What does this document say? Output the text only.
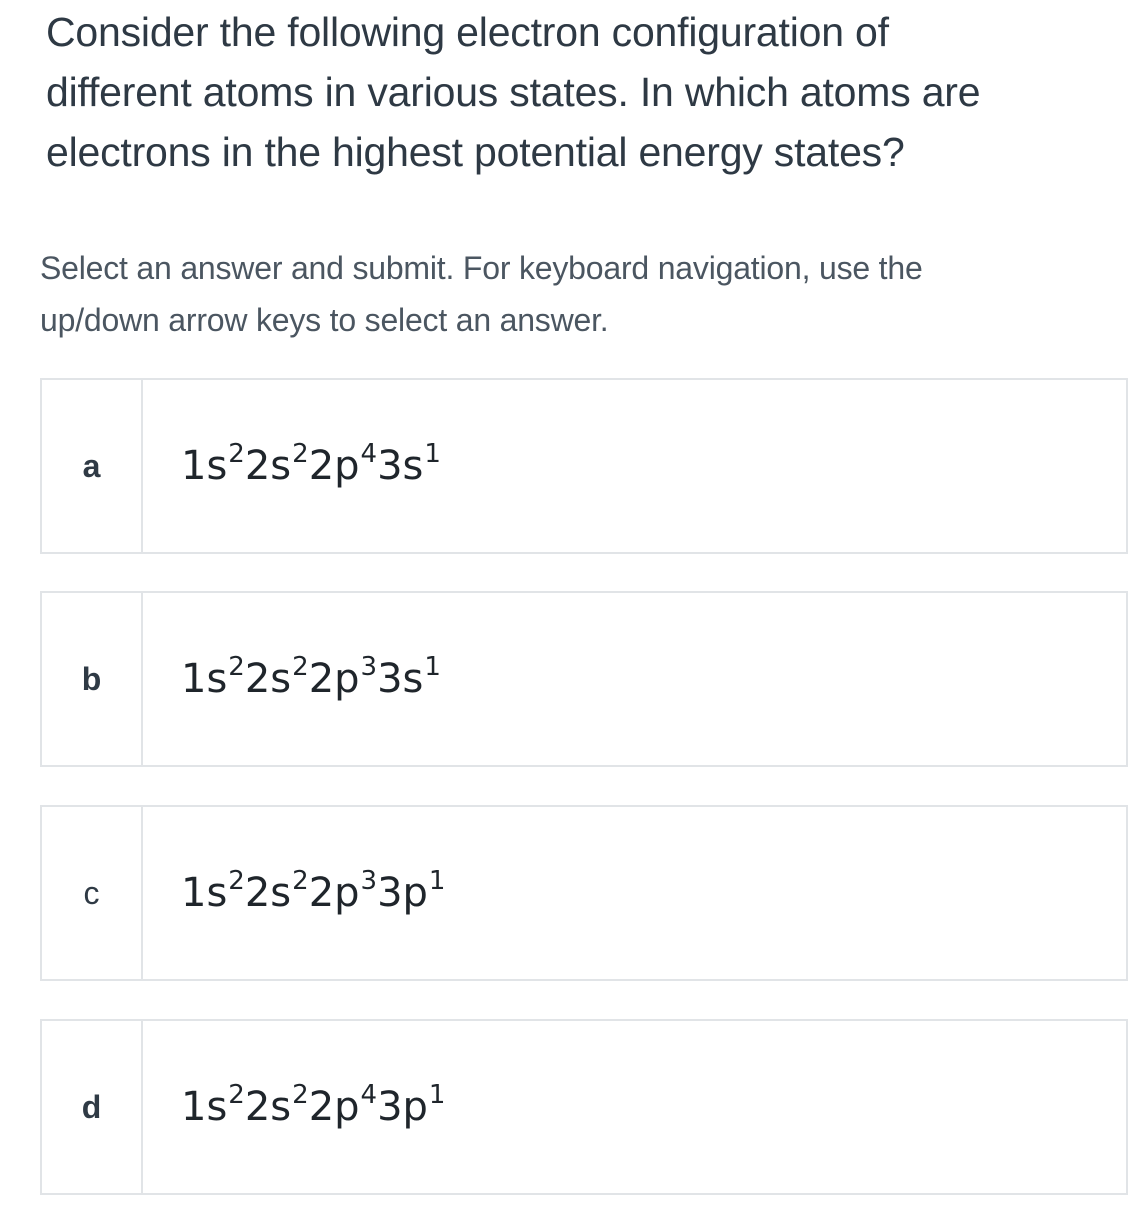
Consider the following electron configuration of
different atoms in various states. In which atoms are
electrons in the highest potential energy states?
Select an answer and submit. For keyboard navigation, use the
up/down arrow keys to select an answer.
a	$1s^2$ $2s^2$ $2p^4$ $3s^1$
b	$1s^2$ $2s^2$ $2p^3$ $3s^1$
c	$1s^2$ $2s^2$ $2p^3$ $3p^1$
d	$1s^2$ $2s^2$ $2p^4$ $3p^1$
